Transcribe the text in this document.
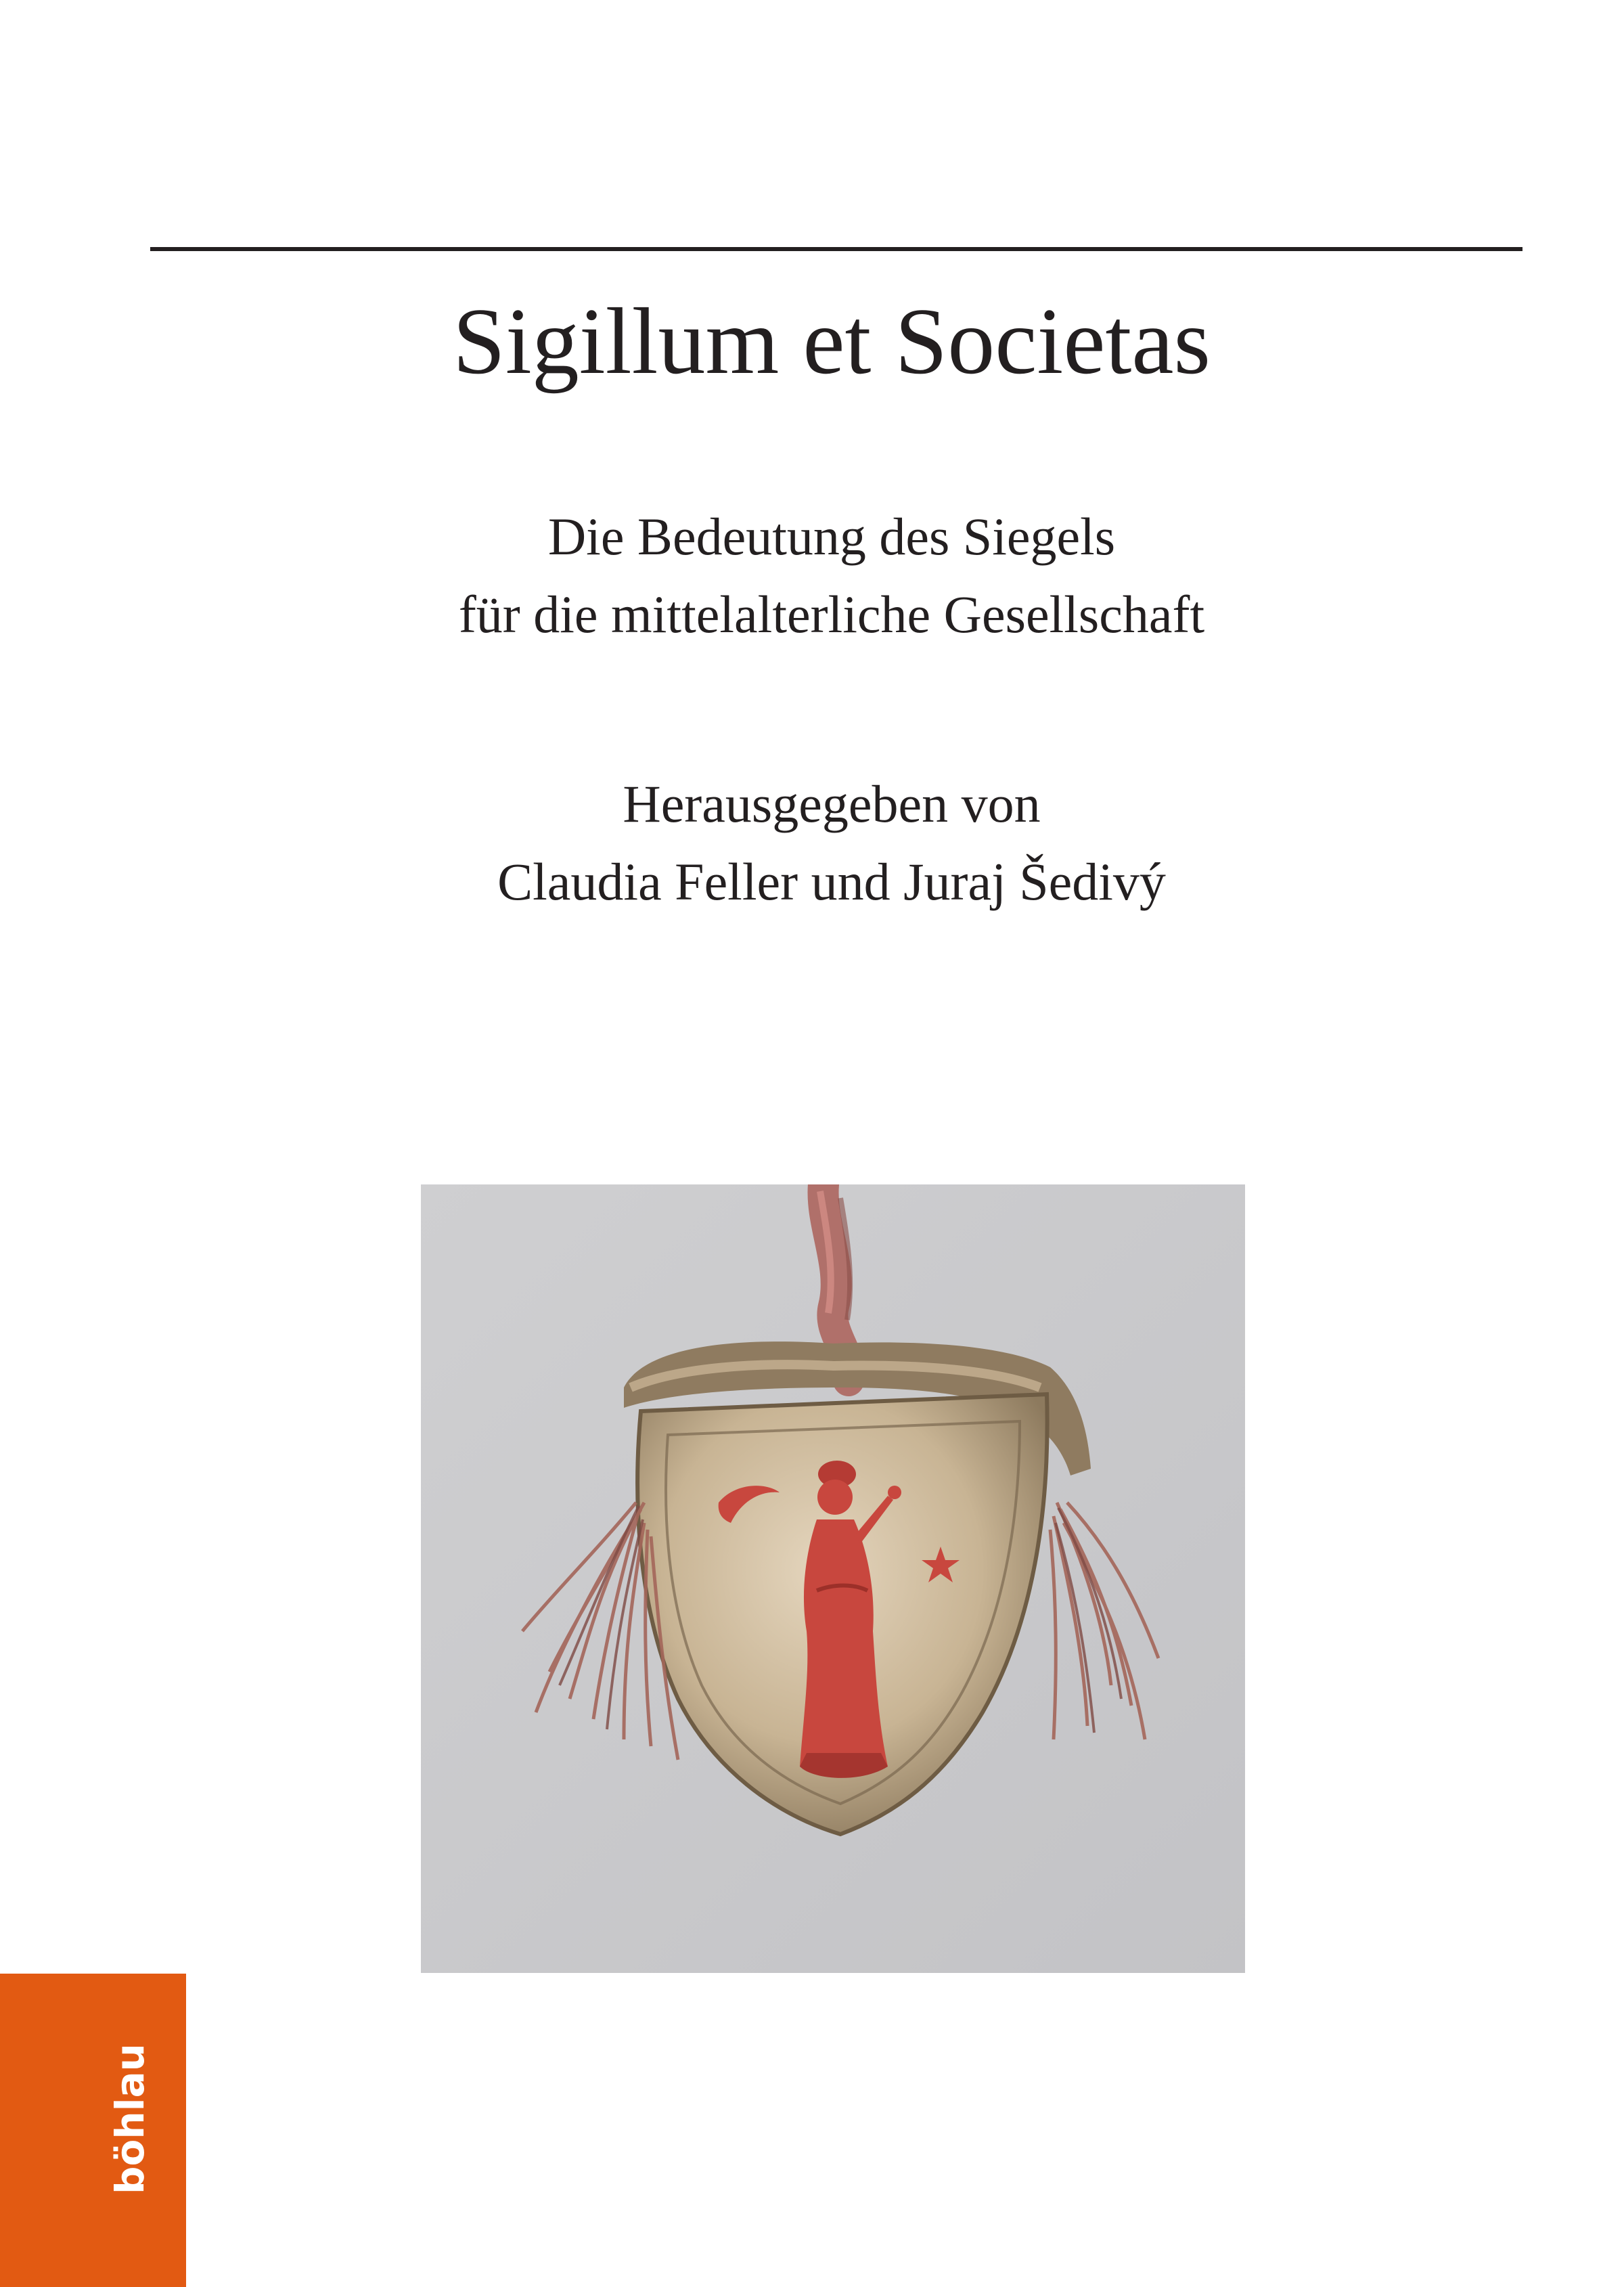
Sigillum et Societas
Die Bedeutung des Siegels
für die mittelalterliche Gesellschaft
Herausgegeben von
Claudia Feller und Juraj Šedivý
böhlau
